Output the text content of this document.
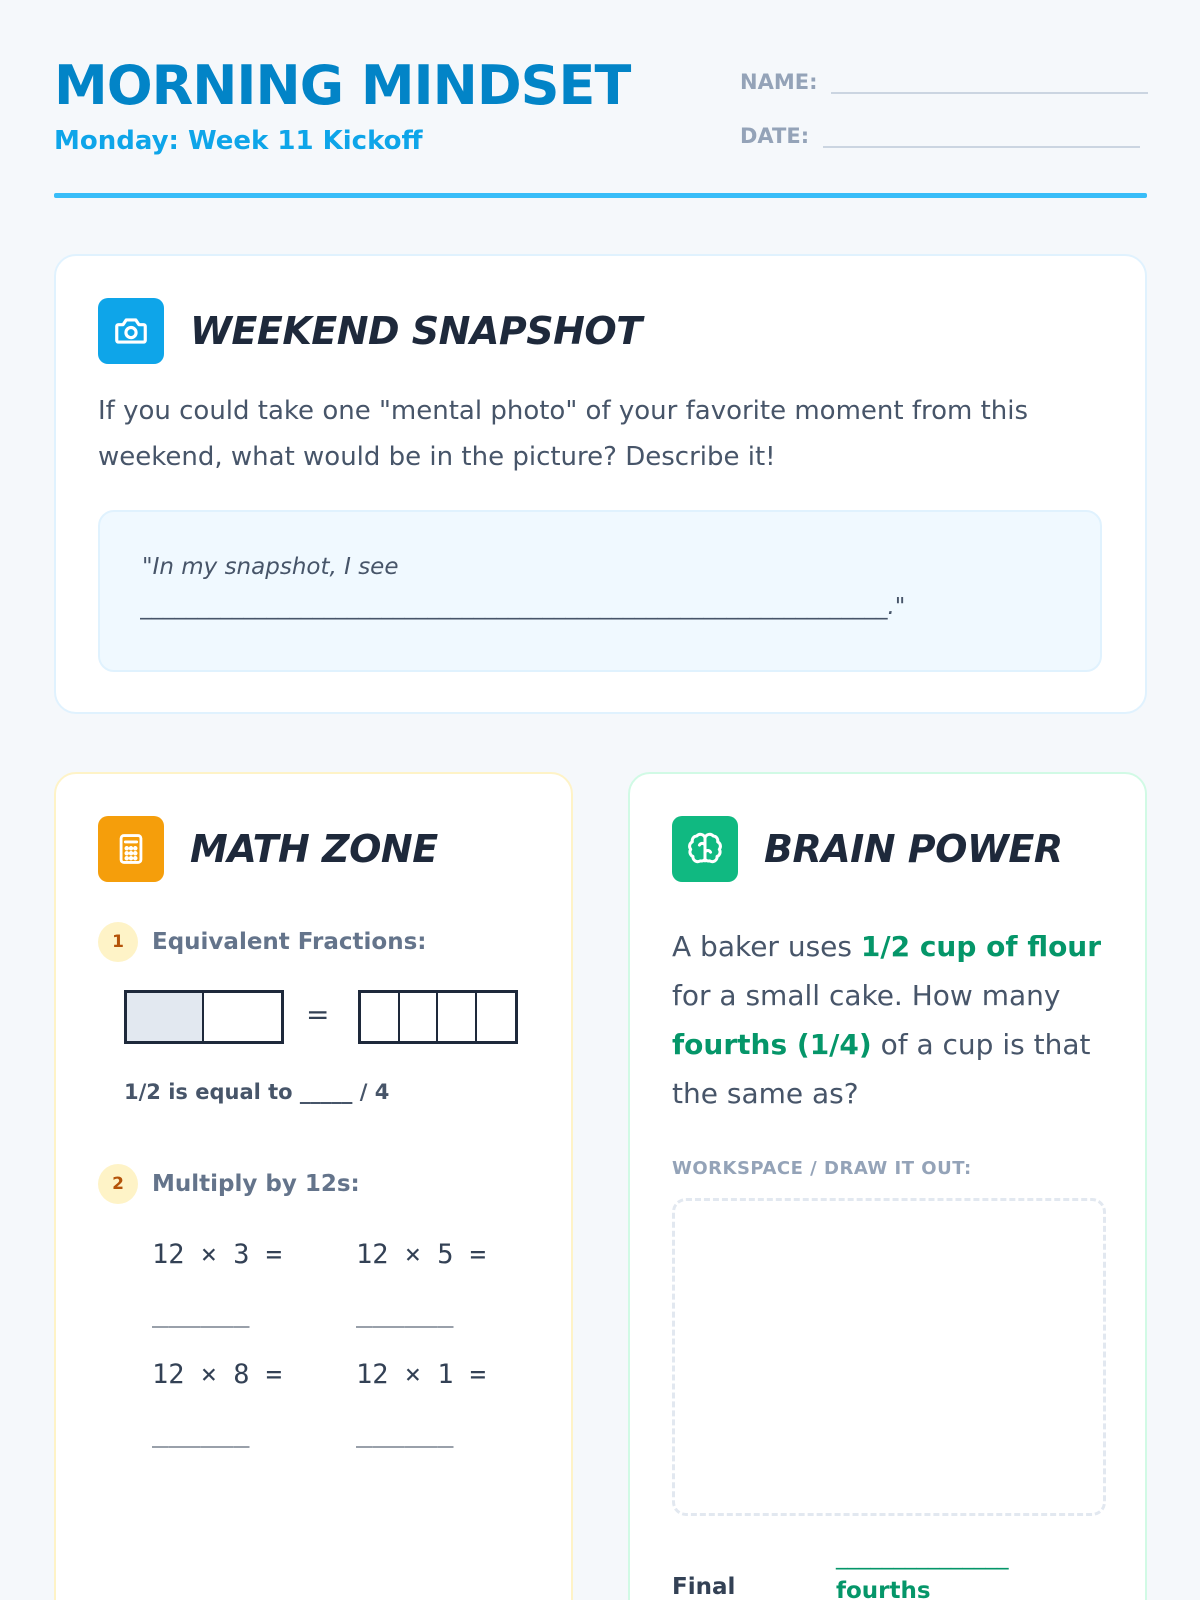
MORNING MINDSET
Monday: Week 11 Kickoff
NAME:
DATE:
WEEKEND SNAPSHOT
If you could take one "mental photo" of your favorite moment from this weekend, what would be in the picture? Describe it!
"In my snapshot, I see
_________________________________________________________________."
MATH ZONE
1	Equivalent Fractions:
=
1/2 is equal to _____ / 4
2	Multiply by 12s:
12 × 3 =
______
12 × 5 =
______
12 × 8 =
______
12 × 1 =
______
BRAIN POWER
A baker uses 1/2 cup of flour for a small cake. How many fourths (1/4) of a cup is that the same as?
WORKSPACE / DRAW IT OUT:
Final
_______________
fourths
